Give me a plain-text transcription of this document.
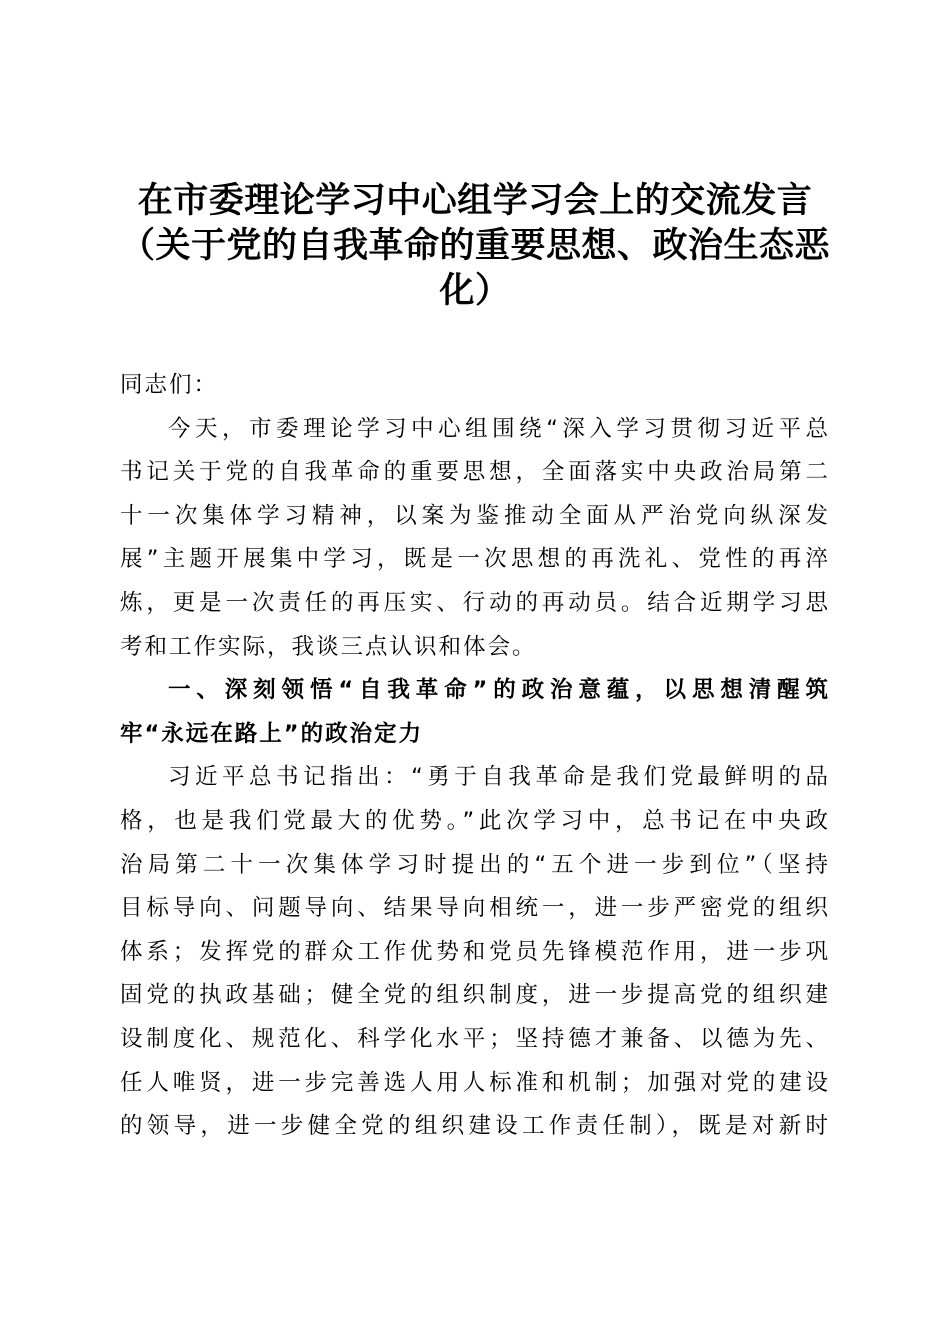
在市委理论学习中心组学习会上的交流发言
（关于党的自我革命的重要思想、政治生态恶
化）
同志们：
今天，市委理论学习中心组围绕“深入学习贯彻习近平总
书记关于党的自我革命的重要思想，全面落实中央政治局第二
十一次集体学习精神，以案为鉴推动全面从严治党向纵深发
展”主题开展集中学习，既是一次思想的再洗礼、党性的再淬
炼，更是一次责任的再压实、行动的再动员。结合近期学习思
考和工作实际，我谈三点认识和体会。
一、深刻领悟“自我革命”的政治意蕴，以思想清醒筑
牢“永远在路上”的政治定力
习近平总书记指出：“勇于自我革命是我们党最鲜明的品
格，也是我们党最大的优势。”此次学习中，总书记在中央政
治局第二十一次集体学习时提出的“五个进一步到位”（坚持
目标导向、问题导向、结果导向相统一，进一步严密党的组织
体系；发挥党的群众工作优势和党员先锋模范作用，进一步巩
固党的执政基础；健全党的组织制度，进一步提高党的组织建
设制度化、规范化、科学化水平；坚持德才兼备、以德为先、
任人唯贤，进一步完善选人用人标准和机制；加强对党的建设
的领导，进一步健全党的组织建设工作责任制），既是对新时
